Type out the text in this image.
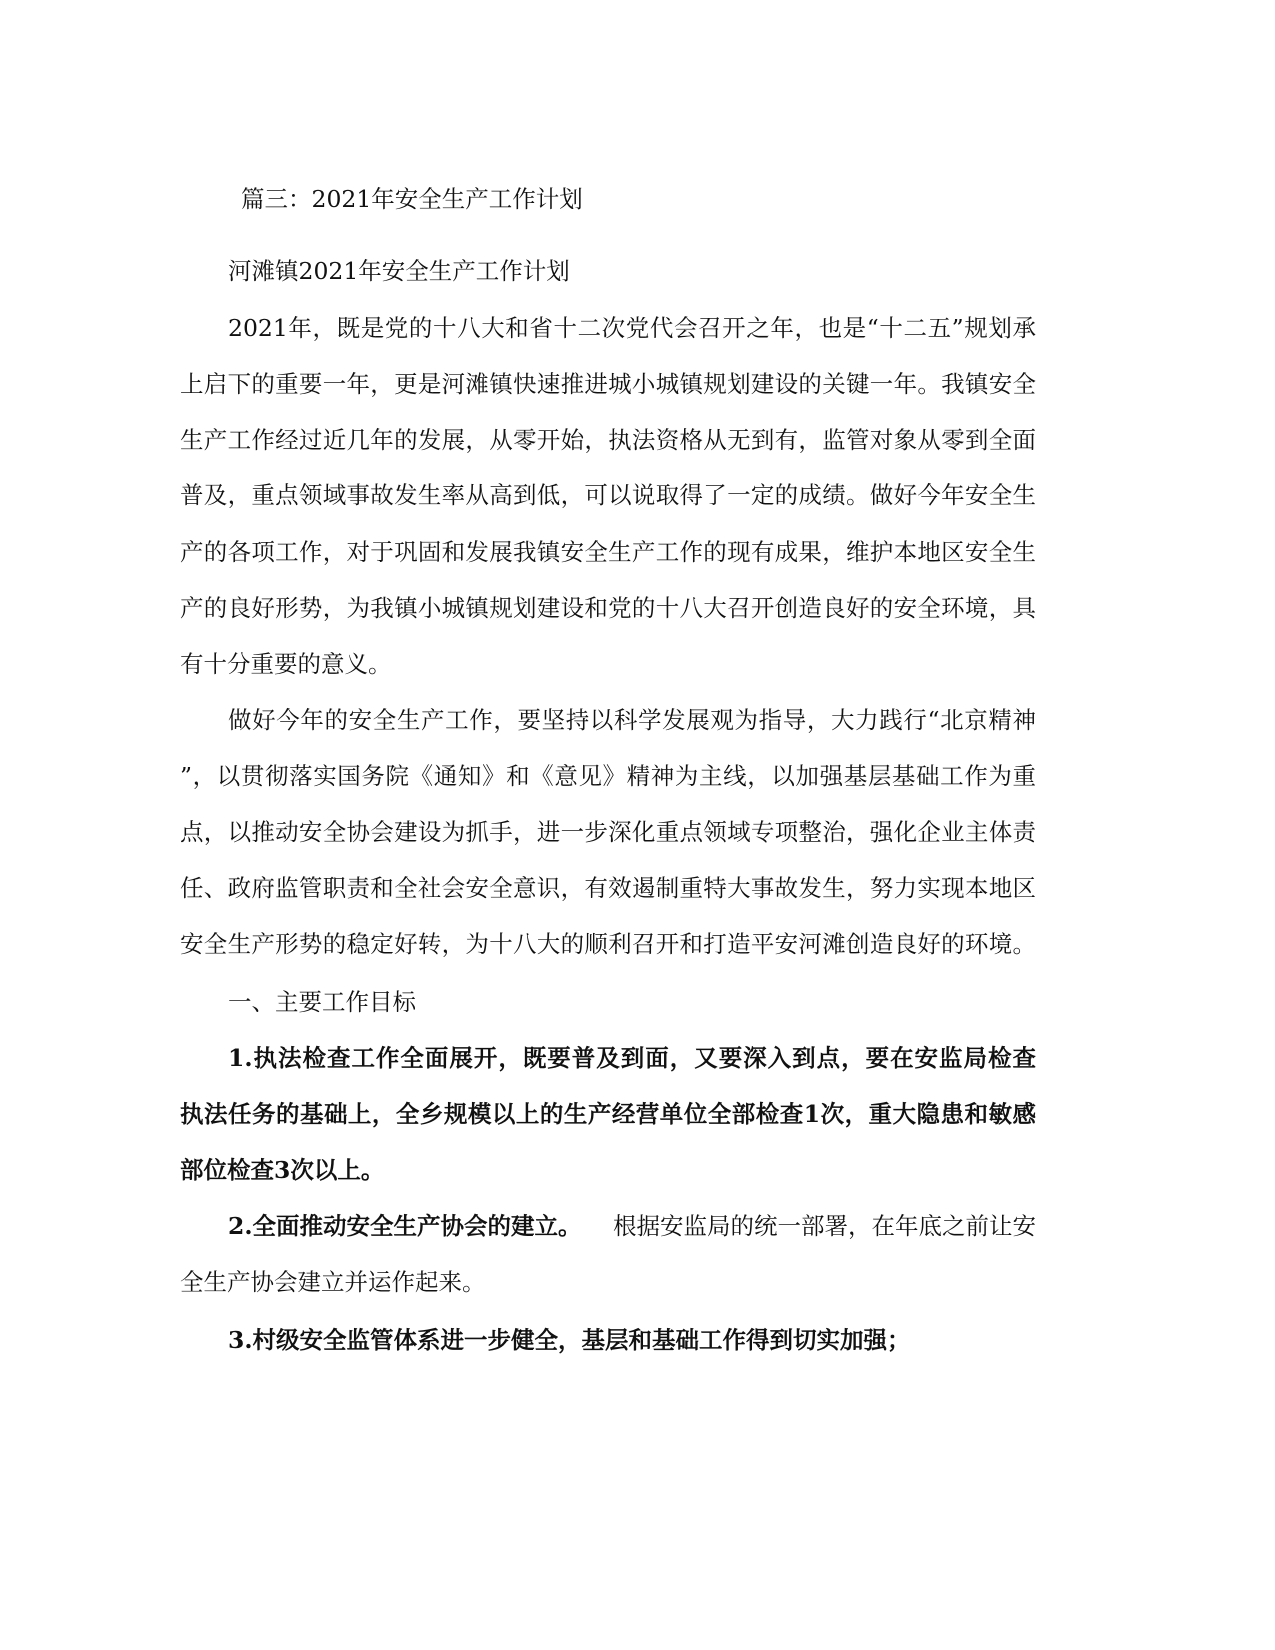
篇三：2021年安全生产工作计划

河滩镇2021年安全生产工作计划

2021年，既是党的十八大和省十二次党代会召开之年，也是“十二五”规划承

上启下的重要一年，更是河滩镇快速推进城小城镇规划建设的关键一年。我镇安全

生产工作经过近几年的发展，从零开始，执法资格从无到有，监管对象从零到全面

普及，重点领域事故发生率从高到低，可以说取得了一定的成绩。做好今年安全生

产的各项工作，对于巩固和发展我镇安全生产工作的现有成果，维护本地区安全生

产的良好形势，为我镇小城镇规划建设和党的十八大召开创造良好的安全环境，具

有十分重要的意义。

做好今年的安全生产工作，要坚持以科学发展观为指导，大力践行“北京精神

”，以贯彻落实国务院《通知》和《意见》精神为主线，以加强基层基础工作为重

点，以推动安全协会建设为抓手，进一步深化重点领域专项整治，强化企业主体责

任、政府监管职责和全社会安全意识，有效遏制重特大事故发生，努力实现本地区

安全生产形势的稳定好转，为十八大的顺利召开和打造平安河滩创造良好的环境。

一、主要工作目标

1.执法检查工作全面展开，既要普及到面，又要深入到点，要在安监局检查

执法任务的基础上，全乡规模以上的生产经营单位全部检查1次，重大隐患和敏感

部位检查3次以上。

2.全面推动安全生产协会的建立。 根据安监局的统一部署，在年底之前让安

全生产协会建立并运作起来。

3.村级安全监管体系进一步健全，基层和基础工作得到切实加强；
